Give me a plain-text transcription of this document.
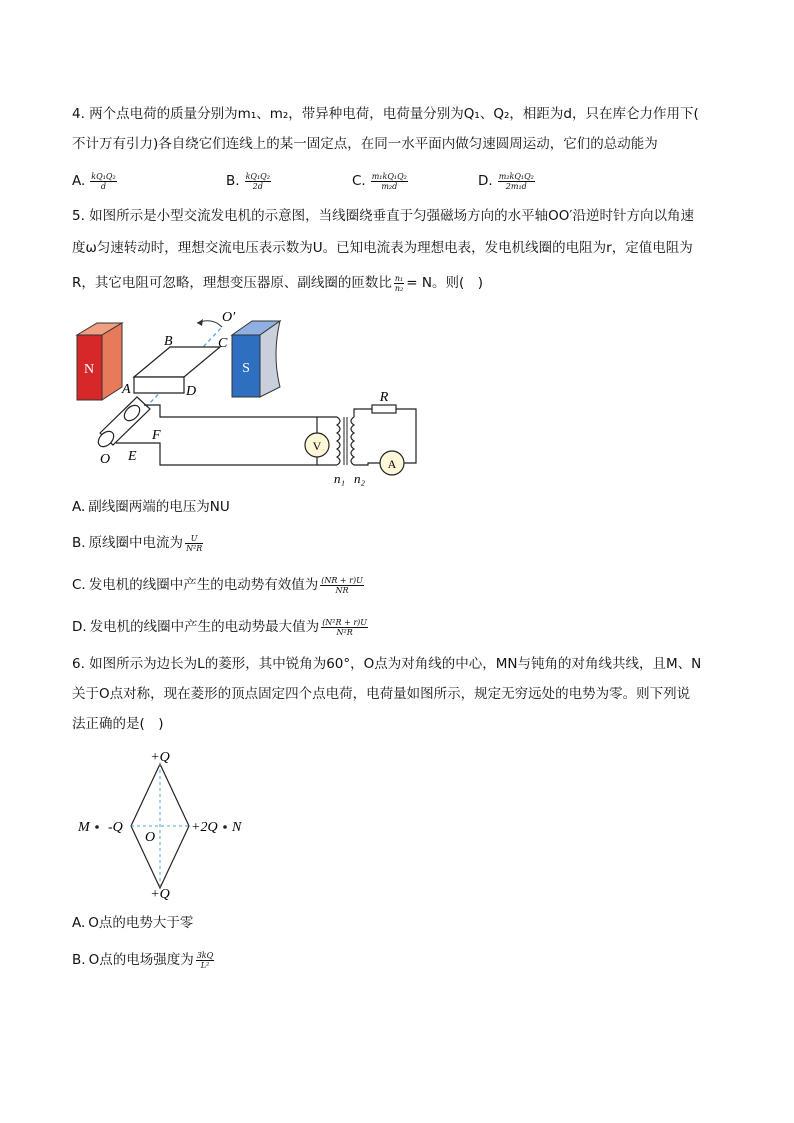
4. 两个点电荷的质量分别为m₁、m₂，带异种电荷，电荷量分别为Q₁、Q₂，相距为d，只在库仑力作用下(
不计万有引力)各自绕它们连线上的某一固定点，在同一水平面内做匀速圆周运动，它们的总动能为
A. $\frac{\text{kQ₁Q₂}}{d}$	B. $\frac{\text{kQ₁Q₂}}{2d}$	C. $\frac{\text{m₁kQ₁Q₂}}{\text{m₂d}}$	D. $\frac{\text{m₂kQ₁Q₂}}{\text{2m₁d}}$
5. 如图所示是小型交流发电机的示意图，当线圈绕垂直于匀强磁场方向的水平轴OO′沿逆时针方向以角速
度ω匀速转动时，理想交流电压表示数为U。已知电流表为理想电表，发电机线圈的电阻为r，定值电阻为
R，其它电阻可忽略，理想变压器原、副线圈的匝数比 $\frac{\text{n₁}}{\text{n₂}} = N$。则(　)
N	S
O′
B	C
A	D
F
O E
V
R
A
n₁ n₂
A. 副线圈两端的电压为NU
B. 原线圈中电流为 $\frac{U}{\text{N²R}}$
C. 发电机的线圈中产生的电动势有效值为 $\frac{(NR + r)U}{NR}$
D. 发电机的线圈中产生的电动势最大值为 $\frac{\text{(N²R + r)U}}{\text{N²R}}$
6. 如图所示为边长为L的菱形，其中锐角为60°，O点为对角线的中心，MN与钝角的对角线共线，且M、N
关于O点对称，现在菱形的顶点固定四个点电荷，电荷量如图所示，规定无穷远处的电势为零。则下列说
法正确的是(　)
+Q
+Q
-Q	+2Q
O
M	N
A. O点的电势大于零
B. O点的电场强度为 $\frac{3kQ}{\text{L²}}$
